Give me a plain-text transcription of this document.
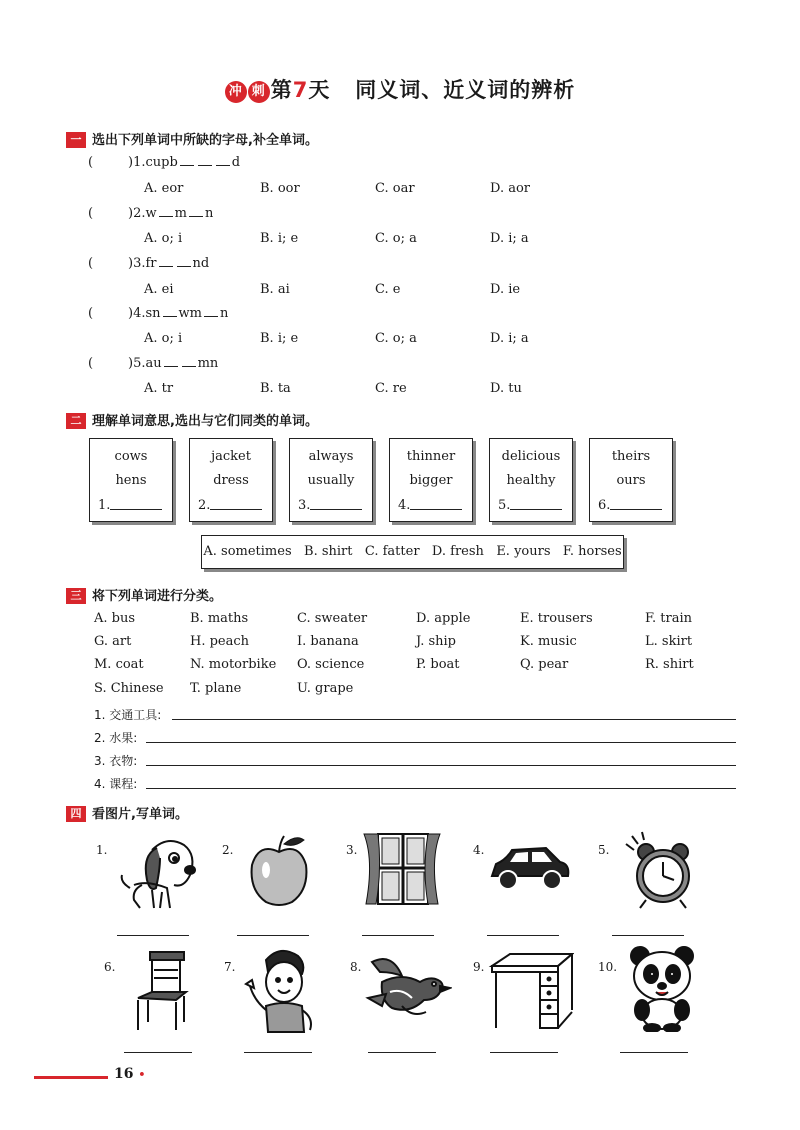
冲 刺 第7天 同义词、近义词的辨析
一 选出下列单词中所缺的字母,补全单词。
(	)1.cupb	d
A. eor	B. oor	C. oar	D. aor
(	)2.w m n
A. o; i	B. i; e	C. o; a	D. i; a
(	)3.fr	nd
A. ei	B. ai	C. e	D. ie
(	)4.sn wm n
A. o; i	B. i; e	C. o; a	D. i; a
(	)5.au	mn
A. tr	B. ta	C. re	D. tu
二 理解单词意思,选出与它们同类的单词。
cows
hens
1.
jacket
dress
2.
always
usually
3.
thinner
bigger
4.
delicious
healthy
5.
theirs
ours
6.
A. sometimes   B. shirt   C. fatter   D. fresh   E. yours   F. horses
三 将下列单词进行分类。
A. bus	B. maths	C. sweater	D. apple	E. trousers	F. train
G. art	H. peach	I. banana	J. ship	K. music	L. skirt
M. coat	N. motorbike O. science	P. boat	Q. pear	R. shirt
S. Chinese T. plane	U. grape
1. 交通工具:
2. 水果:
3. 衣物:
4. 课程:
四 看图片,写单词。
1.	2.	3.	4.	5.
6.	7.	8.	9.	10.
16 •
